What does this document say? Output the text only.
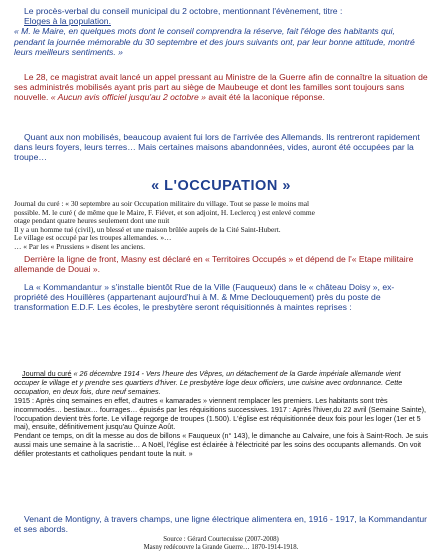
Le procès-verbal du conseil municipal du 2 octobre, mentionnant l'évènement, titre :

Eloges à la population.

« M. le Maire, en quelques mots dont le conseil comprendra la réserve, fait l'éloge des habitants qui, pendant la journée mémorable du 30 septembre et des jours suivants ont, par leur bonne attitude, montré leurs meilleurs sentiments. »

Le 28, ce magistrat avait lancé un appel pressant au Ministre de la Guerre afin de connaître la situation de ses administrés mobilisés ayant pris part au siège de Maubeuge et dont les familles sont toujours sans nouvelle. « Aucun avis officiel jusqu'au 2 octobre » avait été la laconique réponse.

Quant aux non mobilisés, beaucoup avaient fui lors de l'arrivée des Allemands. Ils rentreront rapidement dans leurs foyers, leurs terres… Mais certaines maisons abandonnées, vides, auront été occupées par la troupe…

« L'OCCUPATION »

Journal du curé : « 30 septembre au soir Occupation militaire du village. Tout se passe le moins mal

possible. M. le curé ( de même que le Maire, F. Fiévet, et son adjoint, H. Leclercq ) est enlevé comme

otage pendant quatre heures seulement dont une nuit

Il y a un homme tué (civil), un blessé et une maison brûlée auprès de la Cité Saint-Hubert.

Le village est occupé par les troupes allemandes. »…

… « Par les « Prussiens » disent les anciens.

Derrière la ligne de front, Masny est déclaré en « Territoires Occupés » et dépend de l'« Etape militaire allemande de Douai ».

La « Kommandantur » s'installe bientôt Rue de la Ville (Fauqueux) dans le « château Doisy », ex-propriété des Houillères (appartenant aujourd'hui à M. & Mme Declouquement) près du poste de transformation E.D.F. Les écoles, le presbytère seront réquisitionnés à maintes reprises :

Journal du curé « 26 décembre 1914 - Vers l'heure des Vêpres, un détachement de la Garde impériale allemande vient occuper le village et y prendre ses quartiers d'hiver. Le presbytère loge deux officiers, une cuisine avec ordonnance. Cette occupation, en deux fois, dure neuf semaines.

1915 : Après cinq semaines en effet, d'autres « kamarades » viennent remplacer les premiers. Les habitants sont très incommodés… bestiaux… fourrages… épuisés par les réquisitions successives. 1917 : Après l'hiver,du 22 avril (Semaine Sainte), l'occupation devient très forte. Le village regorge de troupes (1.500). L'église est réquisitionnée deux fois pour les loger (1er et 5 mai), ensuite, définitivement jusqu'au Quinze Août.

Pendant ce temps, on dit la messe au dos de billons « Fauqueux (n° 143), le dimanche au Calvaire, une fois à Saint-Roch. Je suis aussi mais une semaine à la sacristie… A Noël, l'église est éclairée à l'électricité par les soins des occupants allemands. On voit défiler protestants et catholiques pendant toute la nuit. »

Venant de Montigny, à travers champs, une ligne électrique alimentera en, 1916 - 1917, la Kommandantur et ses abords.

Source : Gérard Courtecuisse (2007-2008)

Masny redécouvre la Grande Guerre… 1870-1914-1918.
